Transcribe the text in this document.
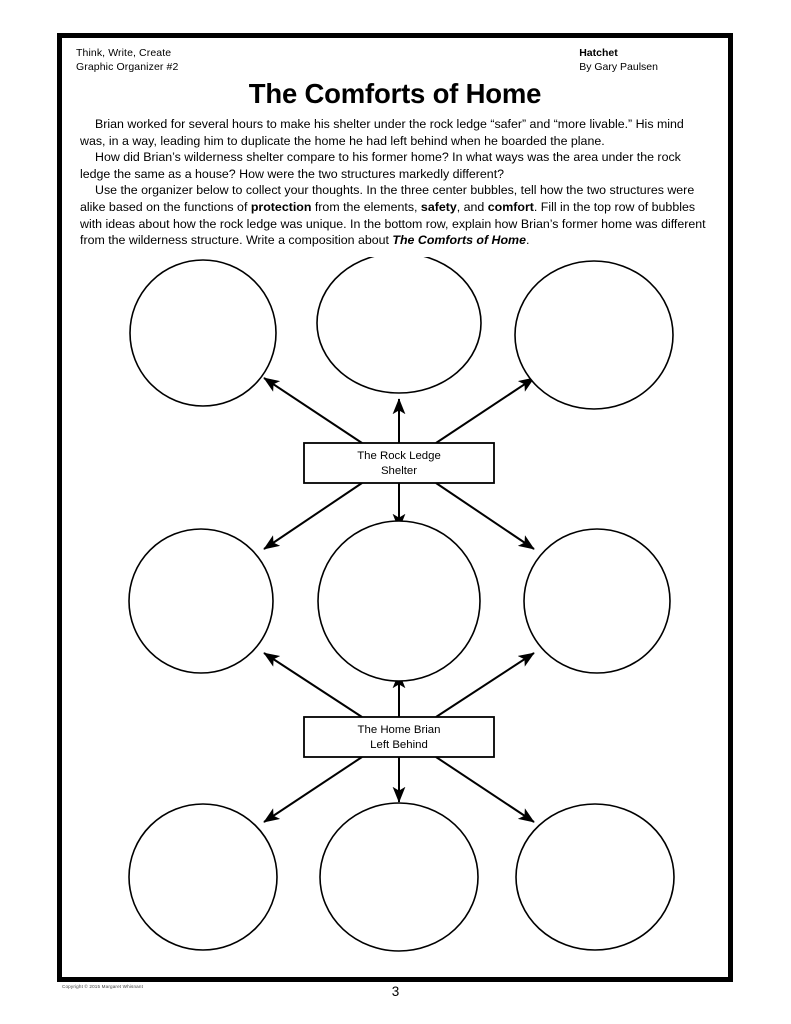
Think, Write, Create
Graphic Organizer #2
Hatchet
By Gary Paulsen
The Comforts of Home

Brian worked for several hours to make his shelter under the rock ledge “safer” and “more livable.” His mind was, in a way, leading him to duplicate the home he had left behind when he boarded the plane.

How did Brian’s wilderness shelter compare to his former home? In what ways was the area under the rock ledge the same as a house? How were the two structures markedly different?

Use the organizer below to collect your thoughts. In the three center bubbles, tell how the two structures were alike based on the functions of protection from the elements, safety, and comfort. Fill in the top row of bubbles with ideas about how the rock ledge was unique. In the bottom row, explain how Brian’s former home was different from the wilderness structure. Write a composition about The Comforts of Home.

The Rock Ledge
Shelter
The Home Brian
Left Behind
Copyright © 2015 Margaret Whisnant	3
